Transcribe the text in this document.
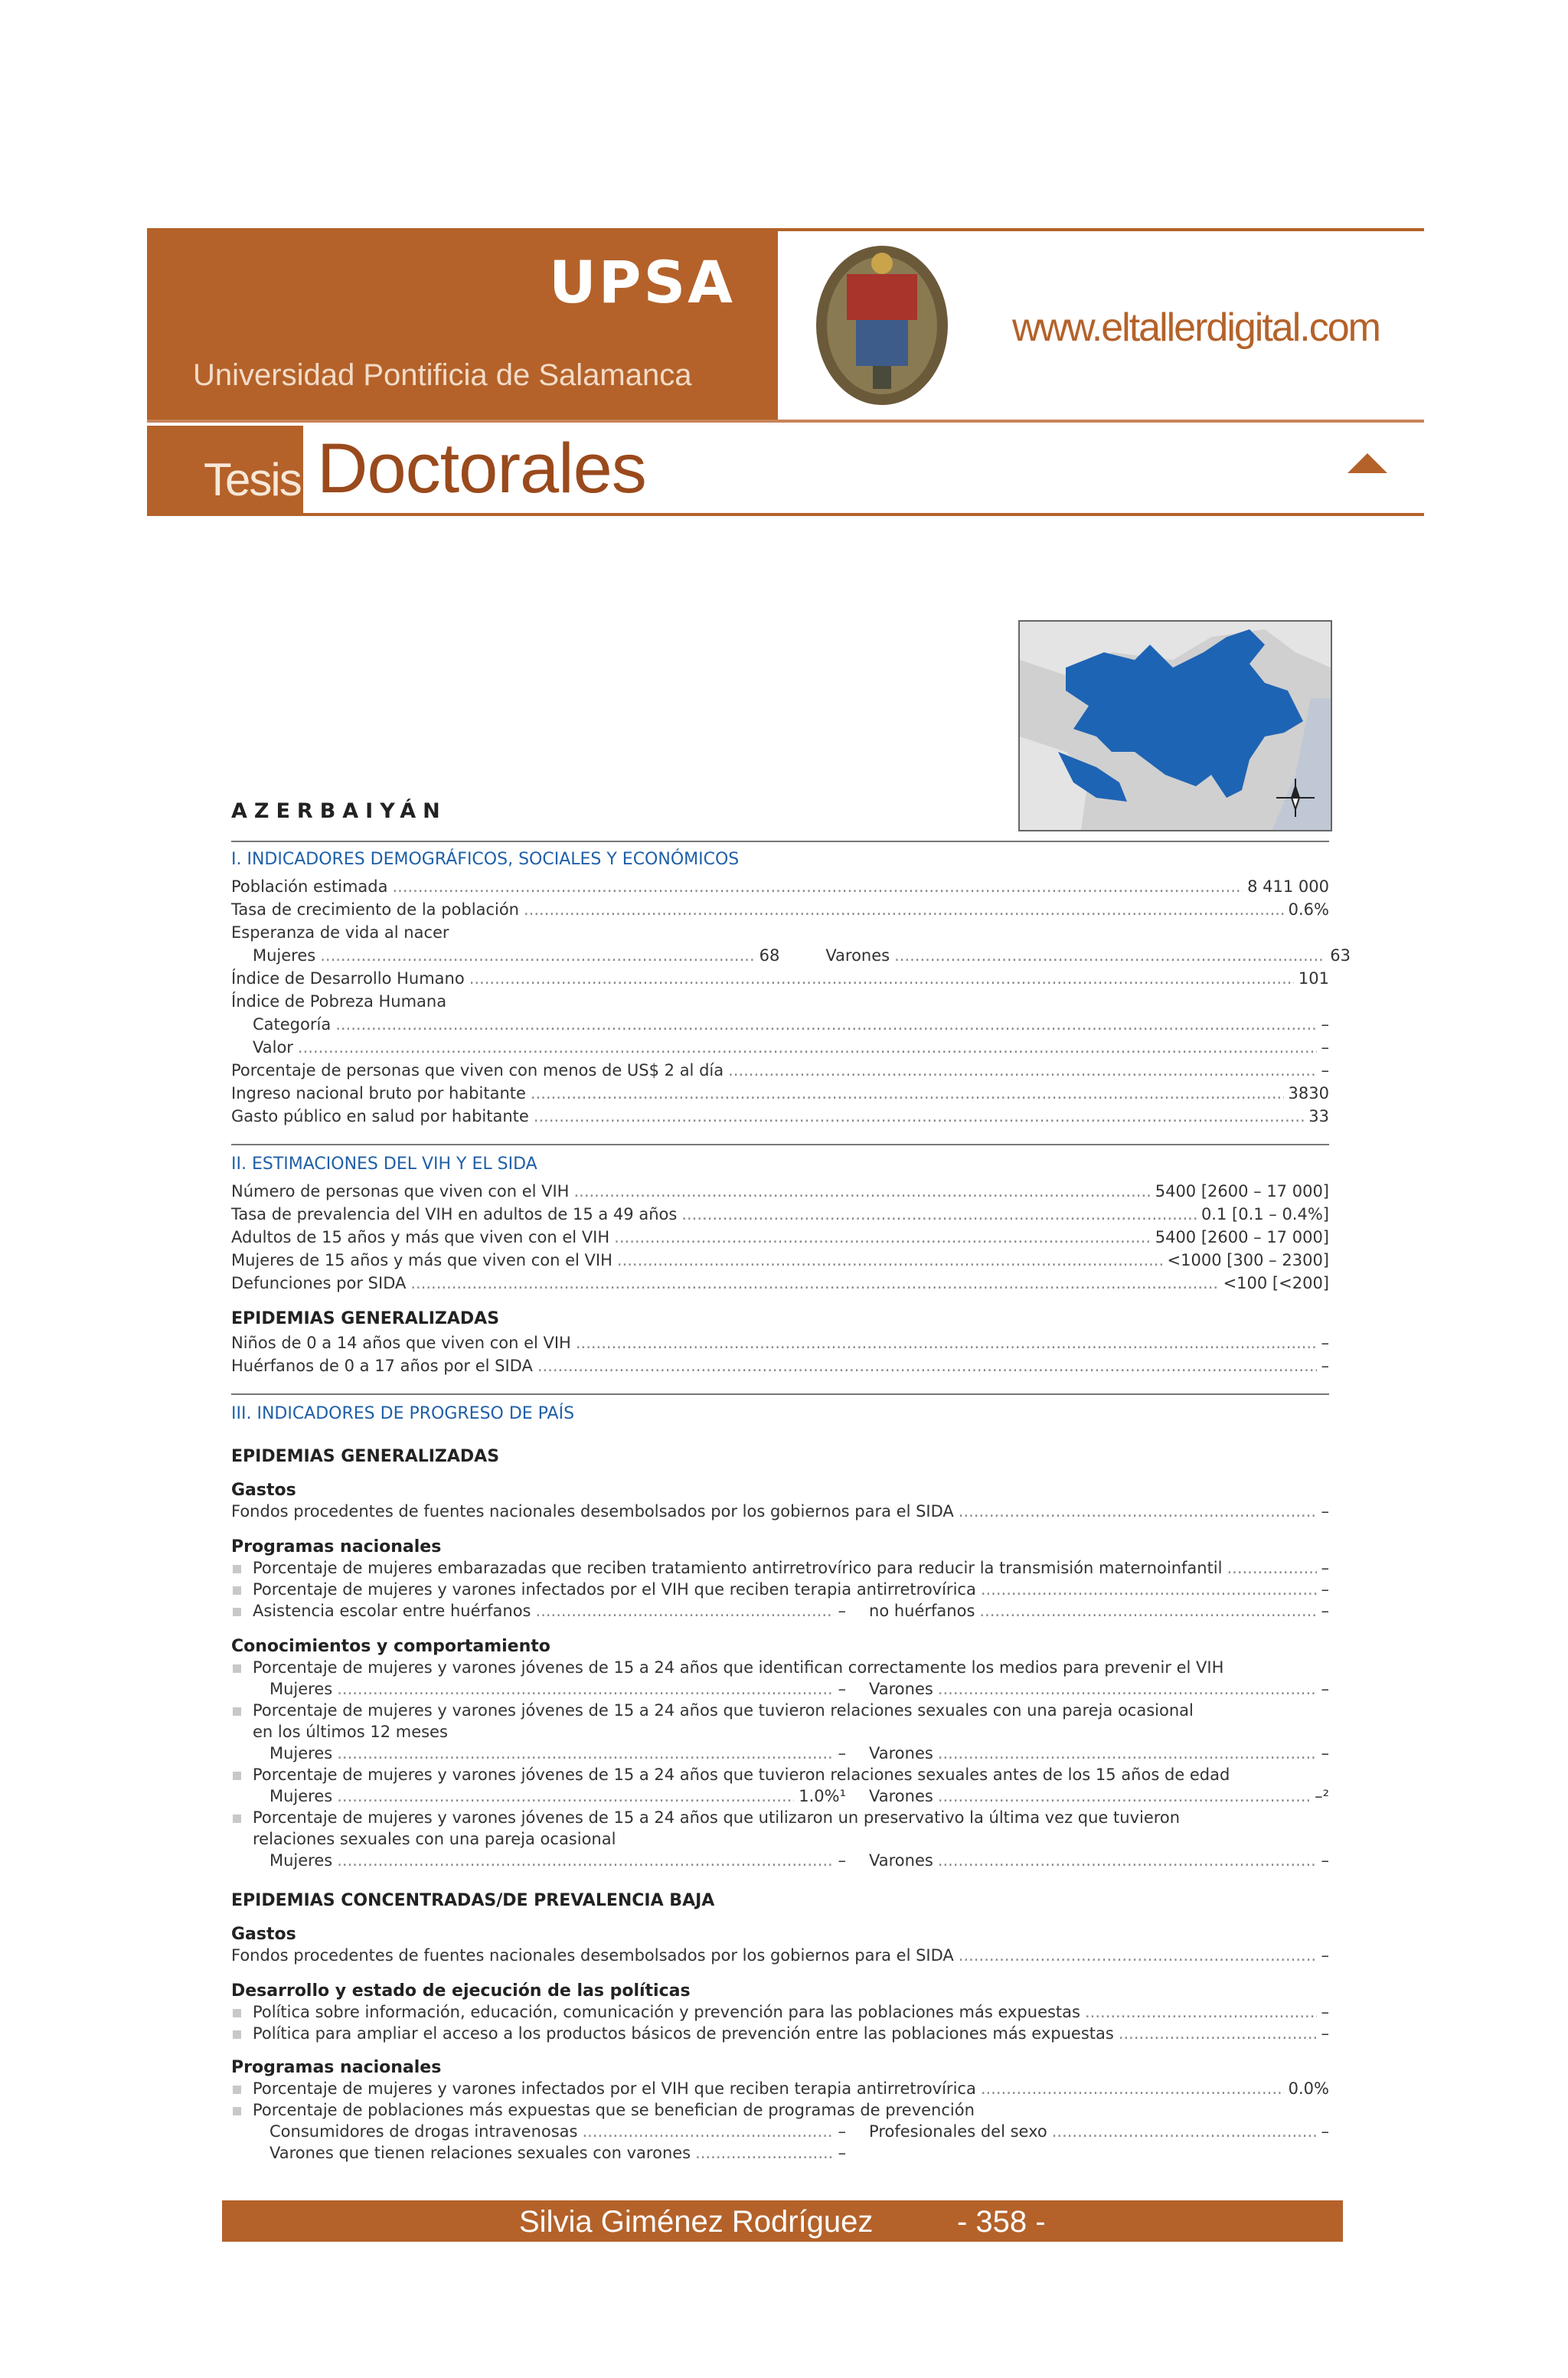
UPSA
Universidad Pontificia de Salamanca
www.eltallerdigital.com
Tesis Doctorales
AZERBAIYÁN
I. INDICADORES DEMOGRÁFICOS, SOCIALES Y ECONÓMICOS
Población estimada .....	8 411 000
Tasa de crecimiento de la población .....	0.6%
Esperanza de vida al nacer
Mujeres .....	68	Varones .....	63
Índice de Desarrollo Humano .....	101
Índice de Pobreza Humana
Categoría .....	–
Valor .....	–
Porcentaje de personas que viven con menos de US$ 2 al día .....	–
Ingreso nacional bruto por habitante .....	3830
Gasto público en salud por habitante .....	33
II. ESTIMACIONES DEL VIH Y EL SIDA
Número de personas que viven con el VIH .....	5400 [2600 – 17 000]
Tasa de prevalencia del VIH en adultos de 15 a 49 años .....	0.1 [0.1 – 0.4%]
Adultos de 15 años y más que viven con el VIH .....	5400 [2600 – 17 000]
Mujeres de 15 años y más que viven con el VIH .....	<1000 [300 – 2300]
Defunciones por SIDA .....	<100 [<200]
EPIDEMIAS GENERALIZADAS
Niños de 0 a 14 años que viven con el VIH .....	–
Huérfanos de 0 a 17 años por el SIDA .....	–
III. INDICADORES DE PROGRESO DE PAÍS
EPIDEMIAS GENERALIZADAS
Gastos
Fondos procedentes de fuentes nacionales desembolsados por los gobiernos para el SIDA .....	–
Programas nacionales
Porcentaje de mujeres embarazadas que reciben tratamiento antirretrovírico para reducir la transmisión maternoinfantil .....	–
Porcentaje de mujeres y varones infectados por el VIH que reciben terapia antirretrovírica .....	–
Asistencia escolar entre huérfanos .....	– no huérfanos .....	–
Conocimientos y comportamiento
Porcentaje de mujeres y varones jóvenes de 15 a 24 años que identifican correctamente los medios para prevenir el VIH
Mujeres .....	– Varones .....	–
Porcentaje de mujeres y varones jóvenes de 15 a 24 años que tuvieron relaciones sexuales con una pareja ocasional
en los últimos 12 meses
Mujeres .....	– Varones .....	–
Porcentaje de mujeres y varones jóvenes de 15 a 24 años que tuvieron relaciones sexuales antes de los 15 años de edad
Mujeres .....	1.0%¹ Varones .....	–²
Porcentaje de mujeres y varones jóvenes de 15 a 24 años que utilizaron un preservativo la última vez que tuvieron
relaciones sexuales con una pareja ocasional
Mujeres .....	– Varones .....	–
EPIDEMIAS CONCENTRADAS/DE PREVALENCIA BAJA
Gastos
Fondos procedentes de fuentes nacionales desembolsados por los gobiernos para el SIDA .....	–
Desarrollo y estado de ejecución de las políticas
Política sobre información, educación, comunicación y prevención para las poblaciones más expuestas .....	–
Política para ampliar el acceso a los productos básicos de prevención entre las poblaciones más expuestas .....	–
Programas nacionales
Porcentaje de mujeres y varones infectados por el VIH que reciben terapia antirretrovírica .....	0.0%
Porcentaje de poblaciones más expuestas que se benefician de programas de prevención
Consumidores de drogas intravenosas .....	– Profesionales del sexo .....	–
Varones que tienen relaciones sexuales con varones .....	–
Silvia Giménez Rodríguez	- 358 -
